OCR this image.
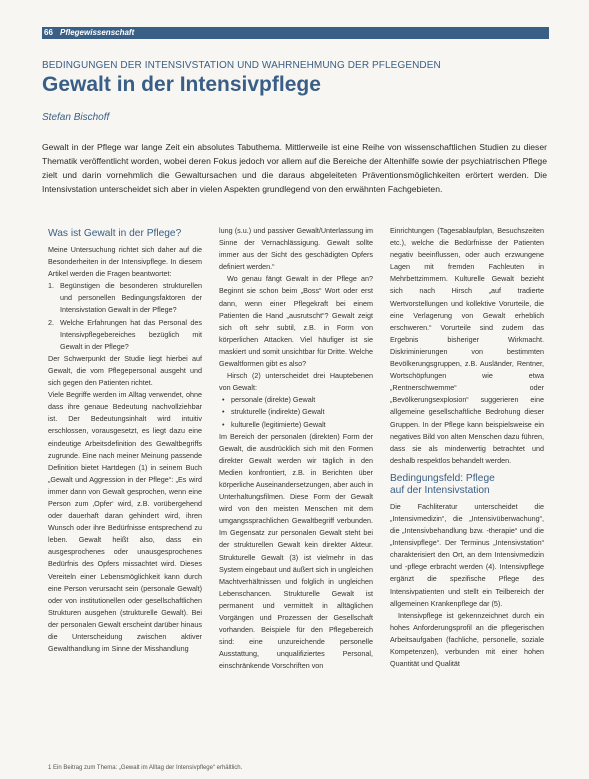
66 Pflegewissenschaft
BEDINGUNGEN DER INTENSIVSTATION UND WAHRNEHMUNG DER PFLEGENDEN
Gewalt in der Intensivpflege
Stefan Bischoff
Gewalt in der Pflege war lange Zeit ein absolutes Tabuthema. Mittlerweile ist eine Reihe von wissenschaftlichen Studien zu dieser Thematik veröffentlicht worden, wobei deren Fokus jedoch vor allem auf die Bereiche der Altenhilfe sowie der psychiatrischen Pflege zielt und darin vornehmlich die Gewaltursachen und die daraus abgeleiteten Präventionsmöglichkeiten erörtert werden. Die Intensivstation unterscheidet sich aber in vielen Aspekten grundlegend von den erwähnten Fachgebieten.
Was ist Gewalt in der Pflege?

Meine Untersuchung richtet sich daher auf die Besonderheiten in der Intensivpflege. In diesem Artikel werden die Fragen beantwortet:

1. Begünstigen die besonderen strukturellen und personellen Bedingungsfaktoren der Intensivstation Gewalt in der Pflege?
2. Welche Erfahrungen hat das Personal des Intensivpflegebereiches bezüglich mit Gewalt in der Pflege?

Der Schwerpunkt der Studie liegt hierbei auf Gewalt, die vom Pflegepersonal ausgeht und sich gegen den Patienten richtet.

Viele Begriffe werden im Alltag verwendet, ohne dass ihre genaue Bedeutung nachvollziehbar ist. Der Bedeutungsinhalt wird intuitiv erschlossen, vorausgesetzt, es liegt dazu eine eindeutige Arbeitsdefinition des Gewaltbegriffs zugrunde. Eine nach meiner Meinung passende Definition bietet Hartdegen (1) in seinem Buch „Gewalt und Aggression in der Pflege“: „Es wird immer dann von Gewalt gesprochen, wenn eine Person zum ‚Opfer‘ wird, z.B. vorübergehend oder dauerhaft daran gehindert wird, ihren Wunsch oder ihre Bedürfnisse entsprechend zu leben. Gewalt heißt also, dass ein ausgesprochenes oder unausgesprochenes Bedürfnis des Opfers missachtet wird. Dieses Vereiteln einer Lebensmöglichkeit kann durch eine Person verursacht sein (personale Gewalt) oder von institutionellen oder gesellschaftlichen Strukturen ausgehen (strukturelle Gewalt). Bei der personalen Gewalt erscheint darüber hinaus die Unterscheidung zwischen aktiver Gewalthandlung im Sinne der Misshandlung

lung (s.u.) und passiver Gewalt/Unterlassung im Sinne der Vernachlässigung. Gewalt sollte immer aus der Sicht des geschädigten Opfers definiert werden.“

Wo genau fängt Gewalt in der Pflege an? Beginnt sie schon beim „Boss“ Wort oder erst dann, wenn einer Pflegekraft bei einem Patienten die Hand „ausrutscht“? Gewalt zeigt sich oft sehr subtil, z.B. in Form von körperlichen Attacken. Viel häufiger ist sie maskiert und somit unsichtbar für Dritte. Welche Gewaltformen gibt es also?

Hirsch (2) unterscheidet drei Hauptebenen von Gewalt:

• personale (direkte) Gewalt
• strukturelle (indirekte) Gewalt
• kulturelle (legitimierte) Gewalt

Im Bereich der personalen (direkten) Form der Gewalt, die ausdrücklich sich mit den Formen direkter Gewalt werden wir täglich in den Medien konfrontiert, z.B. in Berichten über körperliche Auseinandersetzungen, aber auch in Unterhaltungsfilmen. Diese Form der Gewalt wird von den meisten Menschen mit dem umgangssprachlichen Gewaltbegriff verbunden. Im Gegensatz zur personalen Gewalt steht bei der strukturellen Gewalt kein direkter Akteur. Strukturelle Gewalt (3) ist vielmehr in das System eingebaut und äußert sich in ungleichen Machtverhältnissen und folglich in ungleichen Lebenschancen. Strukturelle Gewalt ist permanent und vermittelt in alltäglichen Vorgängen und Prozessen der Gesellschaft vorhanden. Beispiele für den Pflegebereich sind: eine unzureichende personelle Ausstattung, unqualifiziertes Personal, einschränkende Vorschriften von

Einrichtungen (Tagesablaufplan, Besuchszeiten etc.), welche die Bedürfnisse der Patienten negativ beeinflussen, oder auch erzwungene Lagen mit fremden Fachleuten in Mehrbettzimmern. Kulturelle Gewalt bezieht sich nach Hirsch „auf tradierte Wertvorstellungen und kollektive Vorurteile, die eine Verlagerung von Gewalt erheblich erschweren.“ Vorurteile sind zudem das Ergebnis bisheriger Wirkmacht. Diskriminierungen von bestimmten Bevölkerungsgruppen, z.B. Ausländer, Rentner, Wortschöpfungen wie etwa „Rentnerschwemme“ oder „Bevölkerungsexplosion“ suggerieren eine allgemeine gesellschaftliche Bedrohung dieser Gruppen. In der Pflege kann beispielsweise ein negatives Bild von alten Menschen dazu führen, dass sie als minderwertig betrachtet und deshalb respektlos behandelt werden.

Bedingungsfeld: Pflege
auf der Intensivstation

Die Fachliteratur unterscheidet die „Intensivmedizin“, die „Intensivüberwachung“, die „Intensivbehandlung bzw. -therapie“ und die „Intensivpflege“. Der Terminus „Intensivstation“ charakterisiert den Ort, an dem Intensivmedizin und -pflege erbracht werden (4). Intensivpflege ergänzt die spezifische Pflege des Intensivpatienten und stellt ein Teilbereich der allgemeinen Krankenpflege dar (5).

Intensivpflege ist gekennzeichnet durch ein hohes Anforderungsprofil an die pflegerischen Arbeitsaufgaben (fachliche, personelle, soziale Kompetenzen), verbunden mit einer hohen Quantität und Qualität

1 Ein Beitrag zum Thema: „Gewalt im Alltag der Intensivpflege“ erhältlich.
